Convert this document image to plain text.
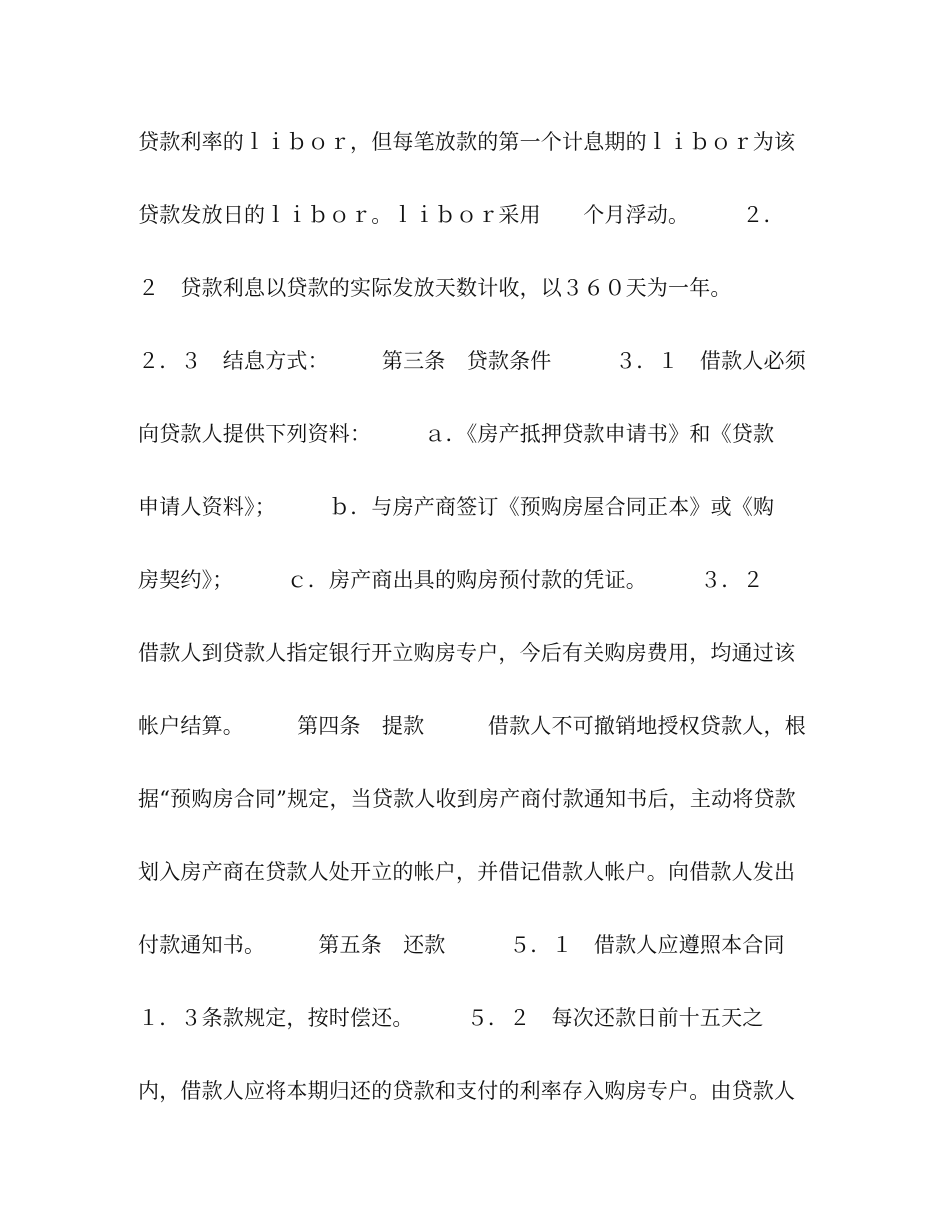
贷款利率的ｌｉｂｏｒ，但每笔放款的第一个计息期的ｌｉｂｏｒ为该
贷款发放日的ｌｉｂｏｒ。ｌｉｂｏｒ采用　　个月浮动。　　　２．
２　贷款利息以贷款的实际发放天数计收，以３６０天为一年。
２．３　结息方式：　　　第三条　贷款条件　　　３．１　借款人必须
向贷款人提供下列资料：　　　ａ．《房产抵押贷款申请书》和《贷款
申请人资料》；　　　ｂ．与房产商签订《预购房屋合同正本》或《购
房契约》；　　　ｃ．房产商出具的购房预付款的凭证。　　　３．２
借款人到贷款人指定银行开立购房专户，今后有关购房费用，均通过该
帐户结算。　　　第四条　提款　　　借款人不可撤销地授权贷款人，根
据“预购房合同”规定，当贷款人收到房产商付款通知书后，主动将贷款
划入房产商在贷款人处开立的帐户，并借记借款人帐户。向借款人发出
付款通知书。　　　第五条　还款　　　５．１　借款人应遵照本合同
１．３条款规定，按时偿还。　　　５．２　每次还款日前十五天之
内，借款人应将本期归还的贷款和支付的利率存入购房专户。由贷款人
